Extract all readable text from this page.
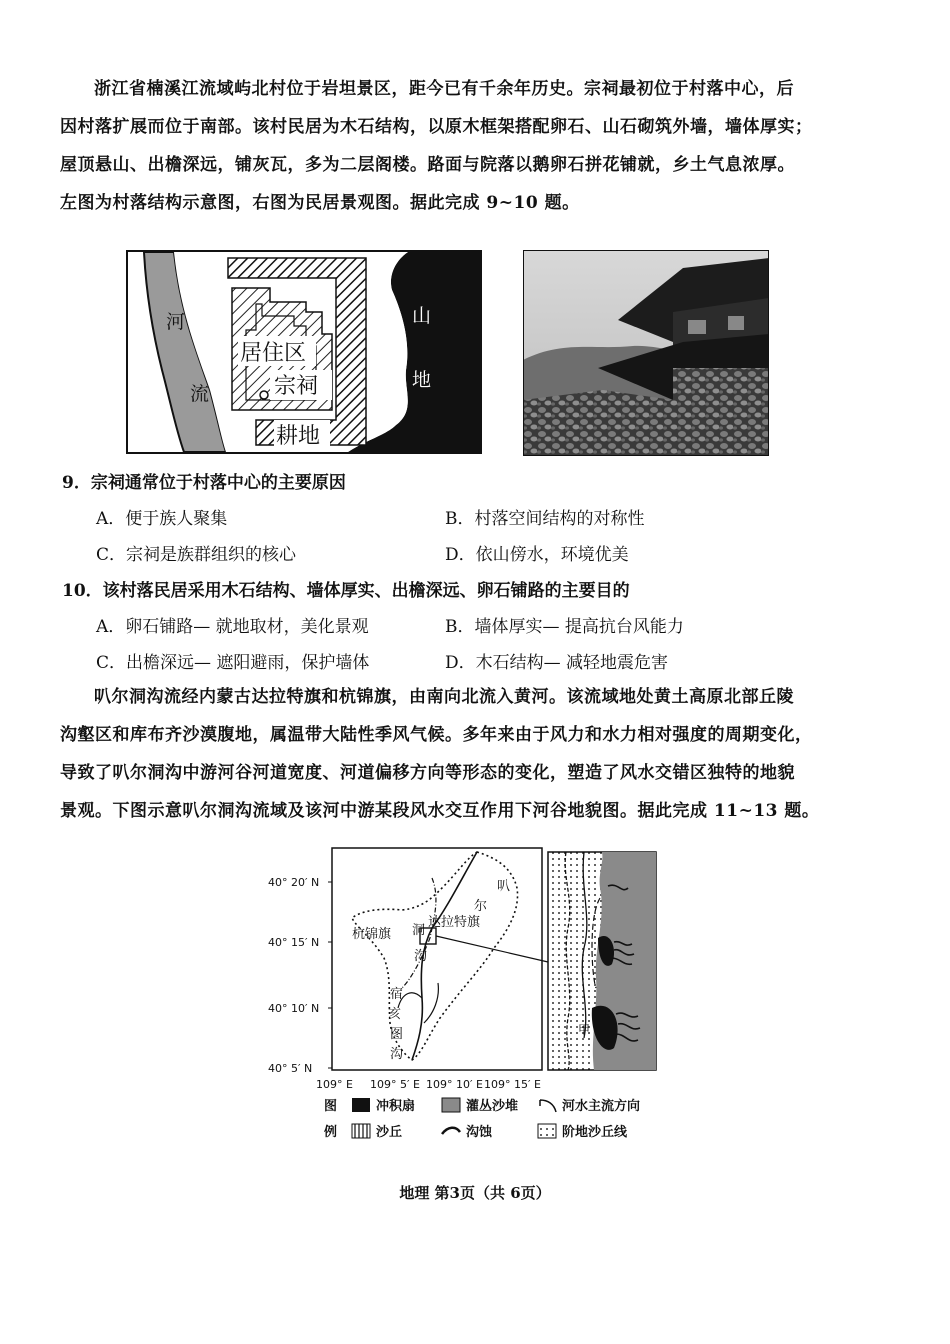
浙江省楠溪江流域屿北村位于岩坦景区，距今已有千余年历史。宗祠最初位于村落中心，后
因村落扩展而位于南部。该村民居为木石结构，以原木框架搭配卵石、山石砌筑外墙，墙体厚实；
屋顶悬山、出檐深远，铺灰瓦，多为二层阁楼。路面与院落以鹅卵石拼花铺就，乡土气息浓厚。
左图为村落结构示意图，右图为民居景观图。据此完成 9~10 题。
居住区
宗祠
耕地
河
流
山
地
9．宗祠通常位于村落中心的主要原因
A．便于族人聚集	B．村落空间结构的对称性
C．宗祠是族群组织的核心	D．依山傍水，环境优美
10．该村落民居采用木石结构、墙体厚实、出檐深远、卵石铺路的主要目的
A．卵石铺路— 就地取材，美化景观	B．墙体厚实— 提高抗台风能力
C．出檐深远— 遮阳避雨，保护墙体	D．木石结构— 减轻地震危害
叭尔洞沟流经内蒙古达拉特旗和杭锦旗，由南向北流入黄河。该流域地处黄土高原北部丘陵
沟壑区和库布齐沙漠腹地，属温带大陆性季风气候。多年来由于风力和水力相对强度的周期变化，
导致了叭尔洞沟中游河谷河道宽度、河道偏移方向等形态的变化，塑造了风水交错区独特的地貌
景观。下图示意叭尔洞沟流域及该河中游某段风水交互作用下河谷地貌图。据此完成 11~13 题。
40° 20′ N
40° 15′ N
40° 10′ N
40° 5′ N
109° E 109° 5′ E 109° 10′ E 109° 15′ E
杭锦旗
达拉特旗
叭
尔
洞
沟
宿
亥
图
沟
甲
图
例
冲积扇	灌丛沙堆	河水主流方向
沙丘	沟蚀	阶地沙丘线
地理 第3页（共 6页）
